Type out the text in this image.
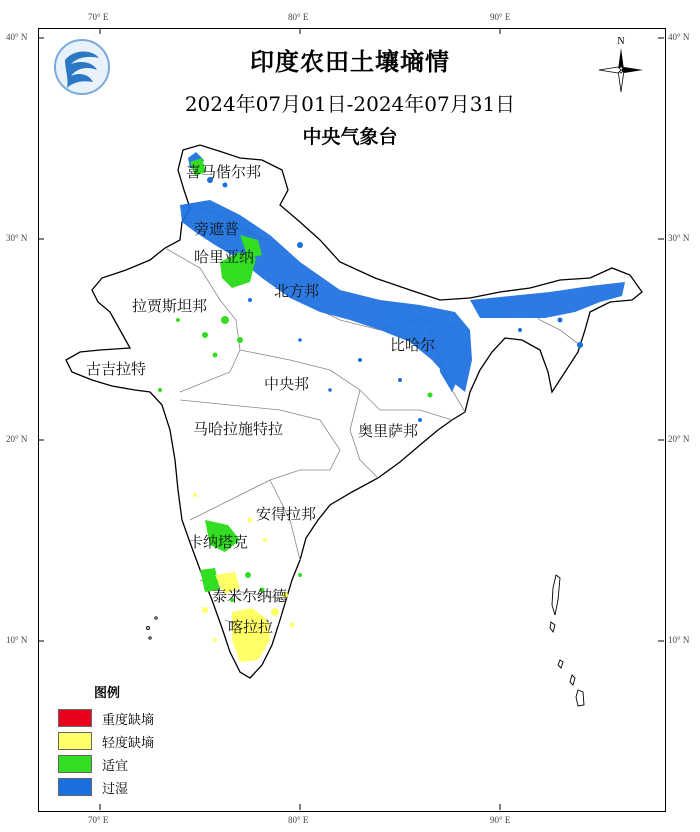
70° E	80° E	90° E
70° E	80° E	90° E
40° N
30° N
20° N
10° N
40° N
30° N
20° N
10° N
印度农田土壤墒情
2024年07月01日-2024年07月31日
中央气象台
N
喜马偕尔邦
旁遮普
哈里亚纳
拉贾斯坦邦
北方邦
比哈尔
古吉拉特
中央邦
马哈拉施特拉	奥里萨邦
安得拉邦
卡纳塔克
泰米尔纳德
喀拉拉
图例
重度缺墒
轻度缺墒
适宜
过湿
